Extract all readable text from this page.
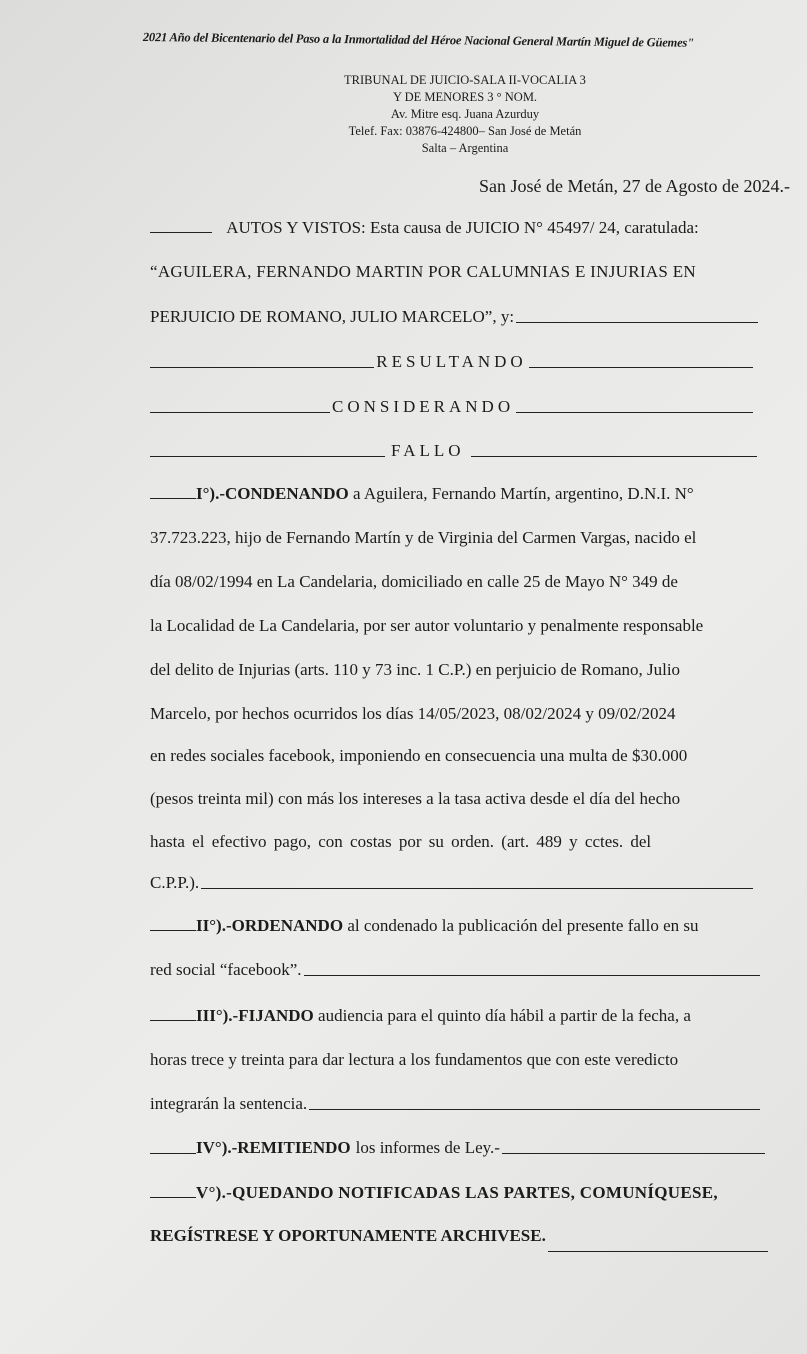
2021 Año del Bicentenario del Paso a la Inmortalidad del Héroe Nacional General Martín Miguel de Güemes"
TRIBUNAL DE JUICIO-SALA II-VOCALIA 3
Y DE MENORES 3 ° NOM.
Av. Mitre esq. Juana Azurduy
Telef. Fax: 03876-424800– San José de Metán
Salta – Argentina
San José de Metán, 27 de Agosto de 2024.-
AUTOS Y VISTOS: Esta causa de JUICIO N° 45497/ 24, caratulada:
“AGUILERA, FERNANDO MARTIN POR CALUMNIAS E INJURIAS EN
PERJUICIO DE ROMANO, JULIO MARCELO”, y:
RESULTANDO
CONSIDERANDO
FALLO
I°).-CONDENANDO a Aguilera, Fernando Martín, argentino, D.N.I. N°
37.723.223, hijo de Fernando Martín y de Virginia del Carmen Vargas, nacido el
día 08/02/1994 en La Candelaria, domiciliado en calle 25 de Mayo N° 349 de
la Localidad de La Candelaria, por ser autor voluntario y penalmente responsable
del delito de Injurias (arts. 110 y 73 inc. 1 C.P.) en perjuicio de Romano, Julio
Marcelo, por hechos ocurridos los días 14/05/2023, 08/02/2024 y 09/02/2024
en redes sociales facebook, imponiendo en consecuencia una multa de $30.000
(pesos treinta mil) con más los intereses a la tasa activa desde el día del hecho
hasta el efectivo pago, con costas por su orden. (art. 489 y cctes. del
C.P.P.).
II°).-ORDENANDO al condenado la publicación del presente fallo en su
red social “facebook”.
III°).-FIJANDO audiencia para el quinto día hábil a partir de la fecha, a
horas trece y treinta para dar lectura a los fundamentos que con este veredicto
integrarán la sentencia.
IV°).-REMITIENDO los informes de Ley.-
V°).-QUEDANDO NOTIFICADAS LAS PARTES, COMUNÍQUESE,
REGÍSTRESE Y OPORTUNAMENTE ARCHIVESE.
